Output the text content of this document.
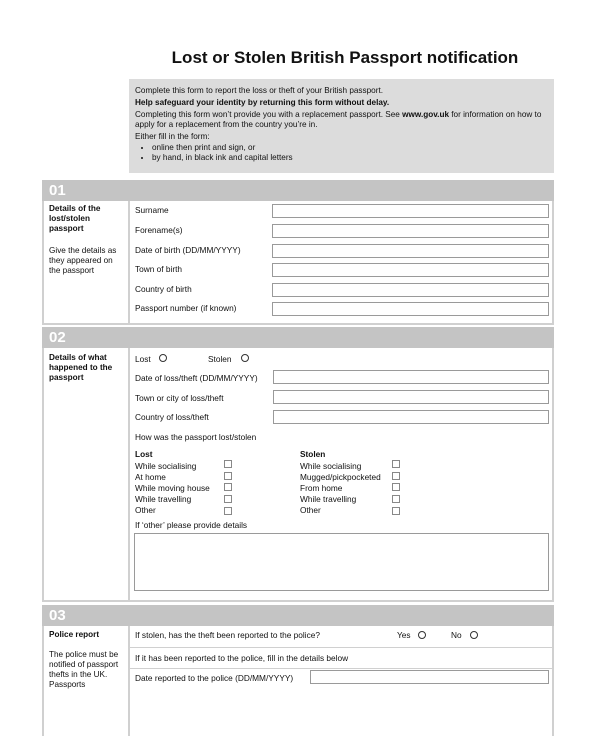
Lost or Stolen British Passport notification

Complete this form to report the loss or theft of your British passport.

Help safeguard your identity by returning this form without delay.

Completing this form won’t provide you with a replacement passport. See www.gov.uk for information on how to apply for a replacement from the country you’re in.

Either fill in the form:

• online then print and sign, or
• by hand, in black ink and capital letters
01
Details of the lost/stolen passport
Give the details as they appeared on the passport
Surname
Forename(s)
Date of birth (DD/MM/YYYY)
Town of birth
Country of birth
Passport number (if known)
02
Details of what happened to the passport
Lost	Stolen
Date of loss/theft (DD/MM/YYYY)
Town or city of loss/theft
Country of loss/theft
How was the passport lost/stolen
Lost
While socialising
At home
While moving house
While travelling
Other
Stolen
While socialising
Mugged/pickpocketed
From home
While travelling
Other
If ‘other’ please provide details
03
Police report
The police must be notified of passport thefts in the UK. Passports
If stolen, has the theft been reported to the police?	Yes	No
If it has been reported to the police, fill in the details below
Date reported to the police (DD/MM/YYYY)
